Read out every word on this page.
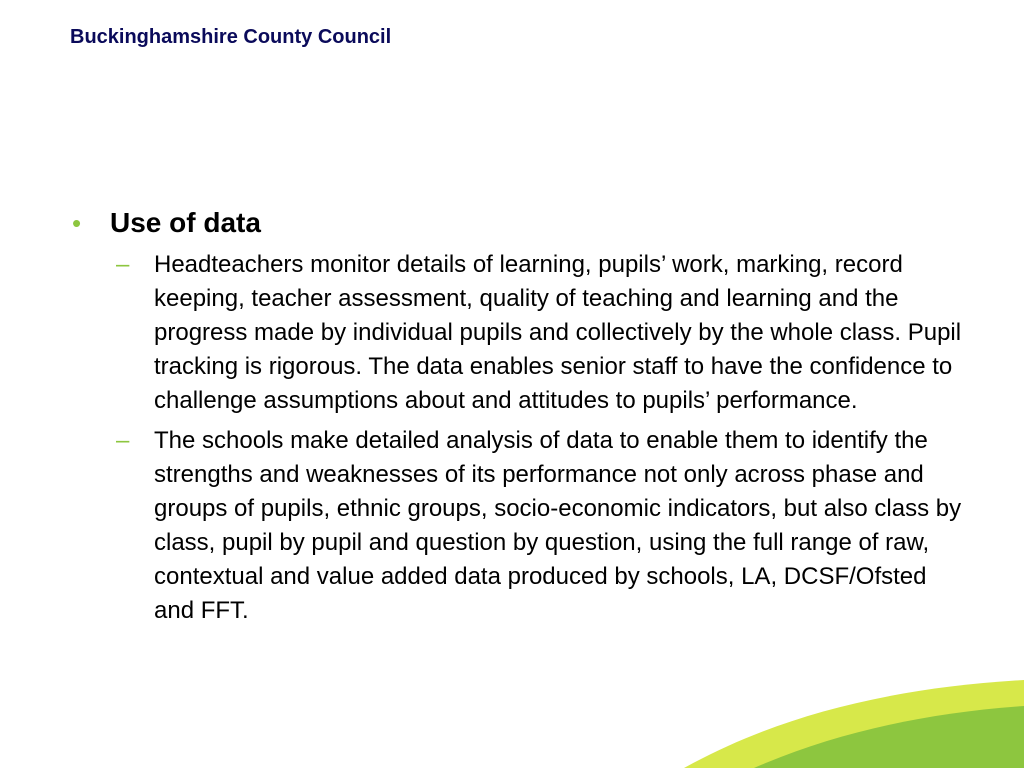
Buckinghamshire County Council
• Use of data
– Headteachers monitor details of learning, pupils’ work, marking, record keeping, teacher assessment, quality of teaching and learning and the progress made by individual pupils and collectively by the whole class. Pupil tracking is rigorous. The data enables senior staff to have the confidence to challenge assumptions about and attitudes to pupils’ performance.
– The schools make detailed analysis of data to enable them to identify the strengths and weaknesses of its performance not only across phase and groups of pupils, ethnic groups, socio-economic indicators, but also class by class, pupil by pupil and question by question, using the full range of raw, contextual and value added data produced by schools, LA, DCSF/Ofsted and FFT.
